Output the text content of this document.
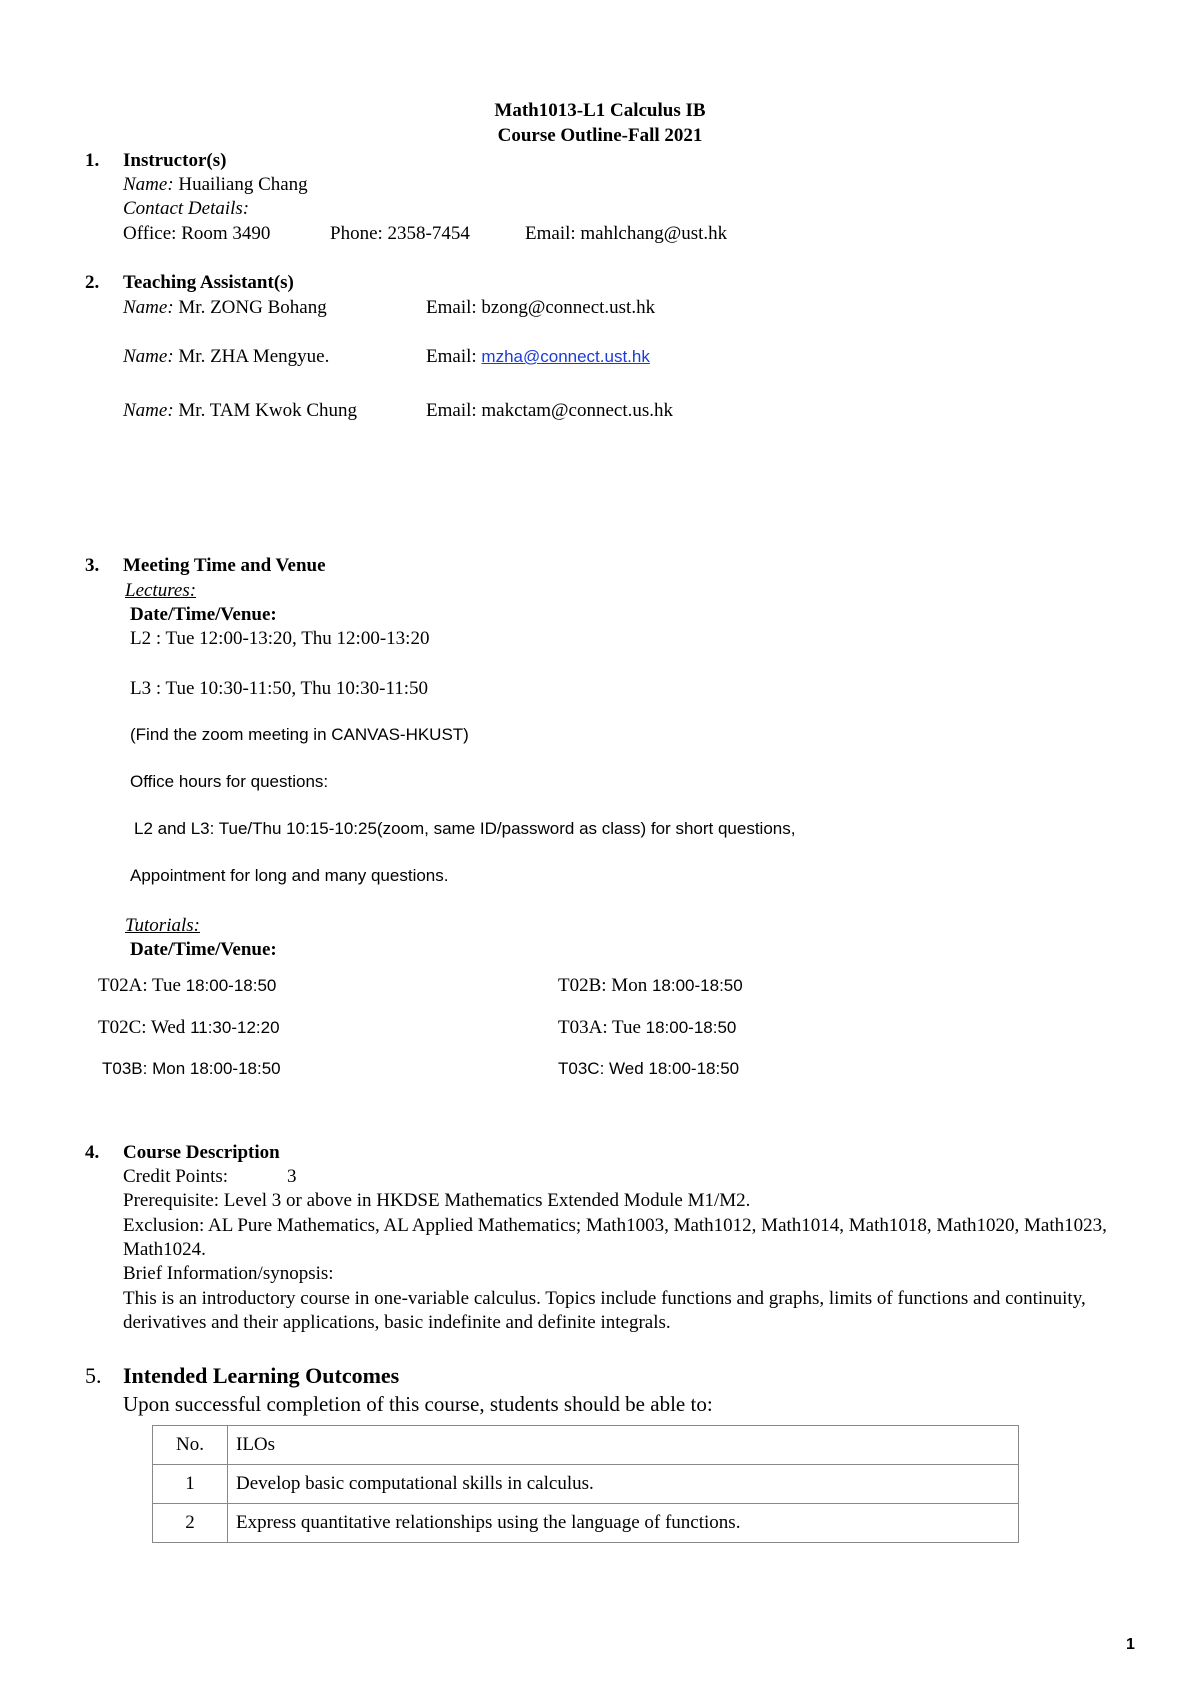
Math1013-L1 Calculus IB
Course Outline-Fall 2021
1. Instructor(s)
Name: Huailiang Chang
Contact Details:
Office: Room 3490	Phone: 2358-7454	Email: mahlchang@ust.hk
2. Teaching Assistant(s)
Name: Mr. ZONG Bohang	Email: bzong@connect.ust.hk
Name: Mr. ZHA Mengyue.	Email: mzha@connect.ust.hk
Name: Mr. TAM Kwok Chung	Email: makctam@connect.us.hk
3. Meeting Time and Venue
Lectures:
Date/Time/Venue:
L2 : Tue 12:00-13:20, Thu 12:00-13:20
L3 : Tue 10:30-11:50, Thu 10:30-11:50
(Find the zoom meeting in CANVAS-HKUST)
Office hours for questions:
L2 and L3: Tue/Thu 10:15-10:25(zoom, same ID/password as class) for short questions,
Appointment for long and many questions.
Tutorials:
Date/Time/Venue:
T02A: Tue 18:00-18:50	T02B: Mon 18:00-18:50
T02C: Wed 11:30-12:20	T03A: Tue 18:00-18:50
T03B: Mon 18:00-18:50	T03C: Wed 18:00-18:50
4. Course Description
Credit Points:	3
Prerequisite: Level 3 or above in HKDSE Mathematics Extended Module M1/M2.
Exclusion: AL Pure Mathematics, AL Applied Mathematics; Math1003, Math1012, Math1014, Math1018, Math1020, Math1023, Math1024.
Brief Information/synopsis:
This is an introductory course in one-variable calculus. Topics include functions and graphs, limits of functions and continuity, derivatives and their applications, basic indefinite and definite integrals.
5. Intended Learning Outcomes
Upon successful completion of this course, students should be able to:
No.	ILOs
1	Develop basic computational skills in calculus.
2	Express quantitative relationships using the language of functions.
1
